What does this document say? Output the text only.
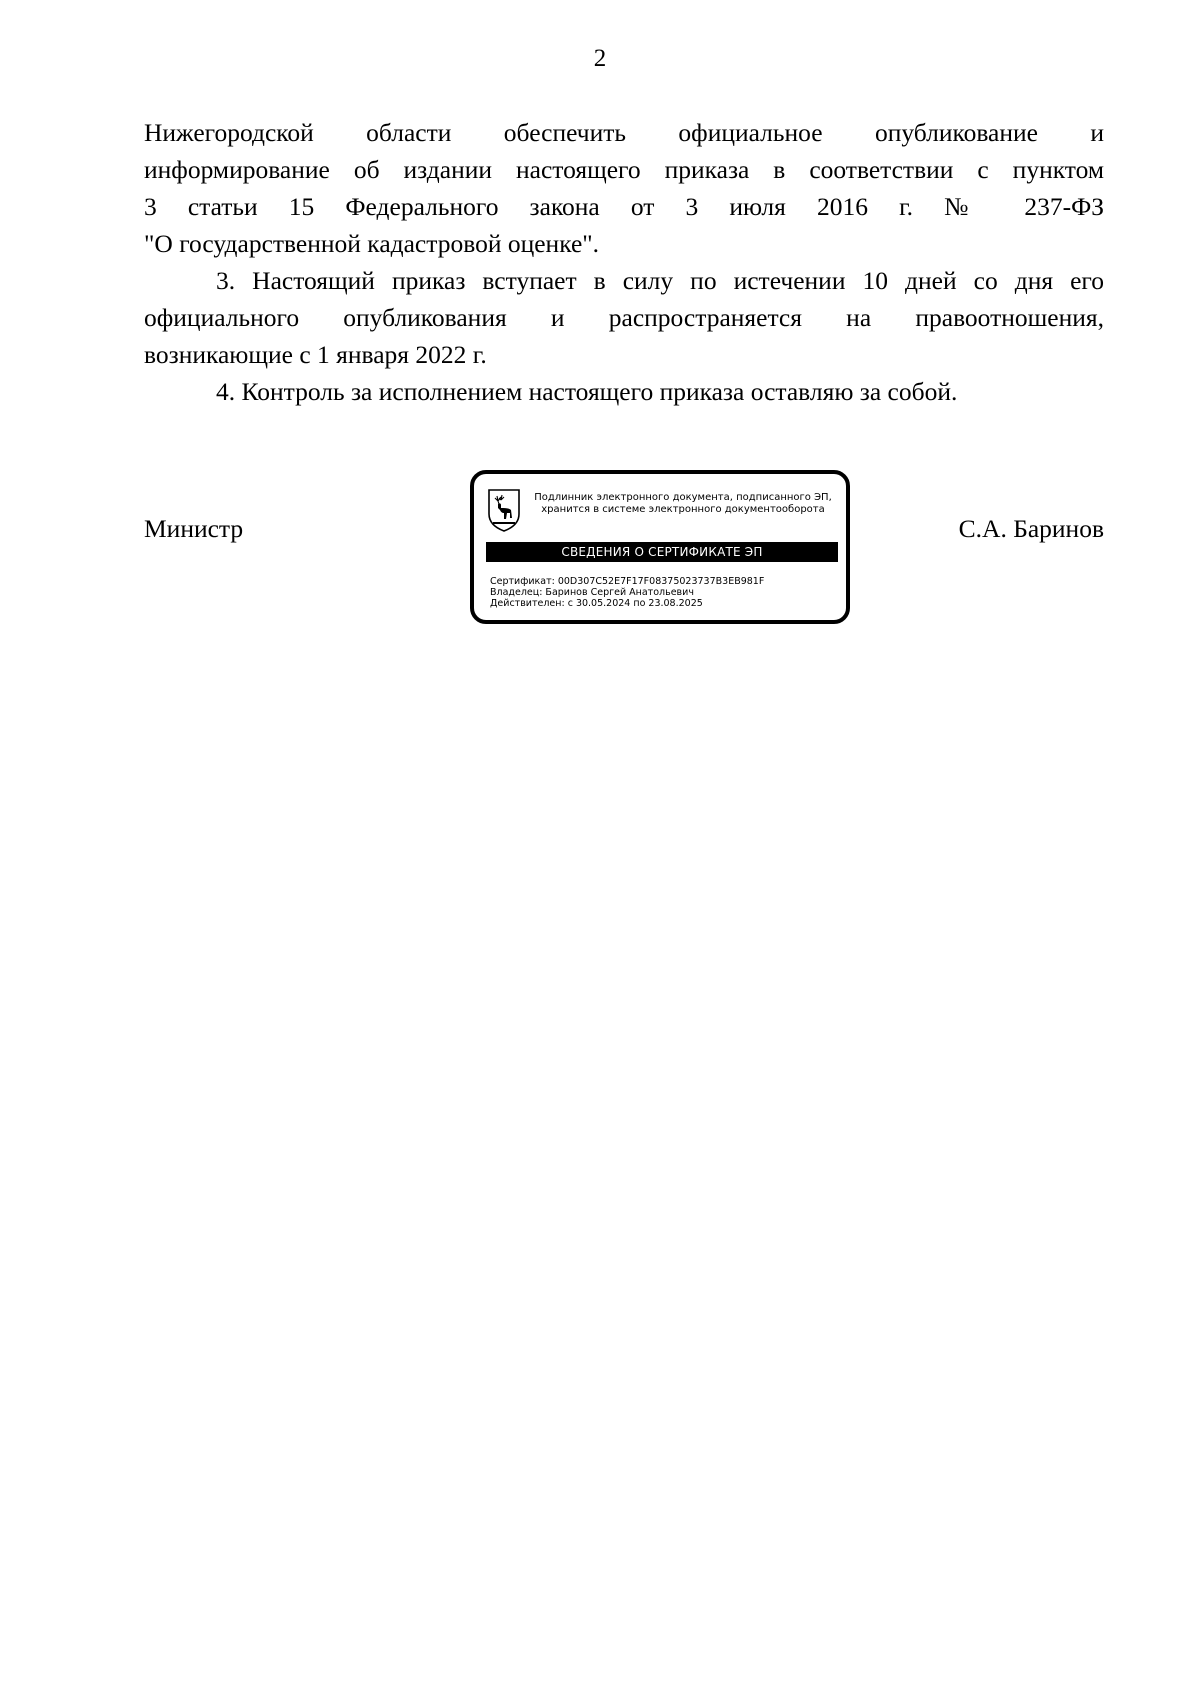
2

Нижегородской области обеспечить официальное опубликование и
информирование об издании настоящего приказа в соответствии с пунктом
3 статьи 15 Федерального закона от 3 июля 2016 г. № 237-ФЗ
"О государственной кадастровой оценке".

3. Настоящий приказ вступает в силу по истечении 10 дней со дня его
официального опубликования и распространяется на правоотношения,
возникающие с 1 января 2022 г.

4. Контроль за исполнением настоящего приказа оставляю за собой.

Министр
Подлинник электронного документа, подписанного ЭП,
хранится в системе электронного документооборота
СВЕДЕНИЯ О СЕРТИФИКАТЕ ЭП
Сертификат: 00D307C52E7F17F08375023737B3EB981F
Владелец: Баринов Сергей Анатольевич
Действителен: с 30.05.2024 по 23.08.2025
С.А. Баринов
